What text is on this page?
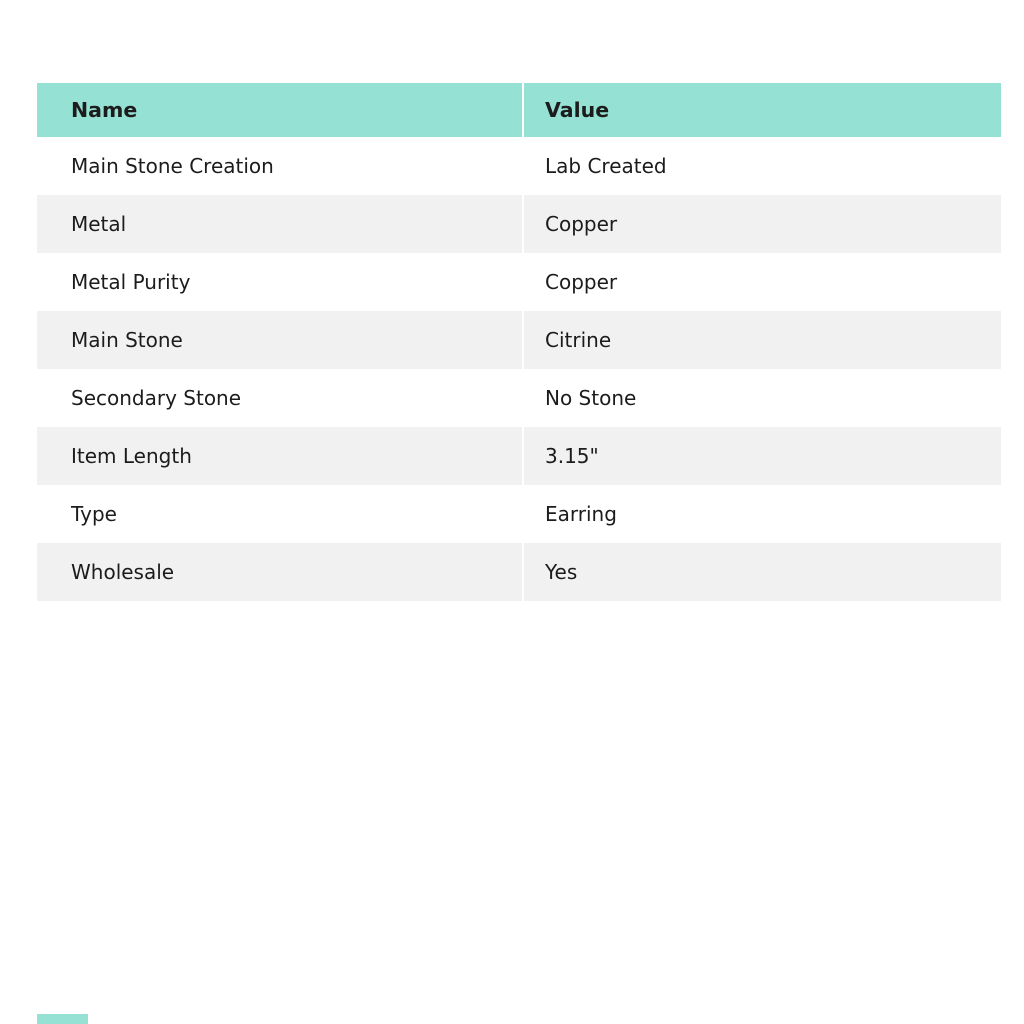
Name	Value
Main Stone Creation	Lab Created
Metal	Copper
Metal Purity	Copper
Main Stone	Citrine
Secondary Stone	No Stone
Item Length	3.15"
Type	Earring
Wholesale	Yes
